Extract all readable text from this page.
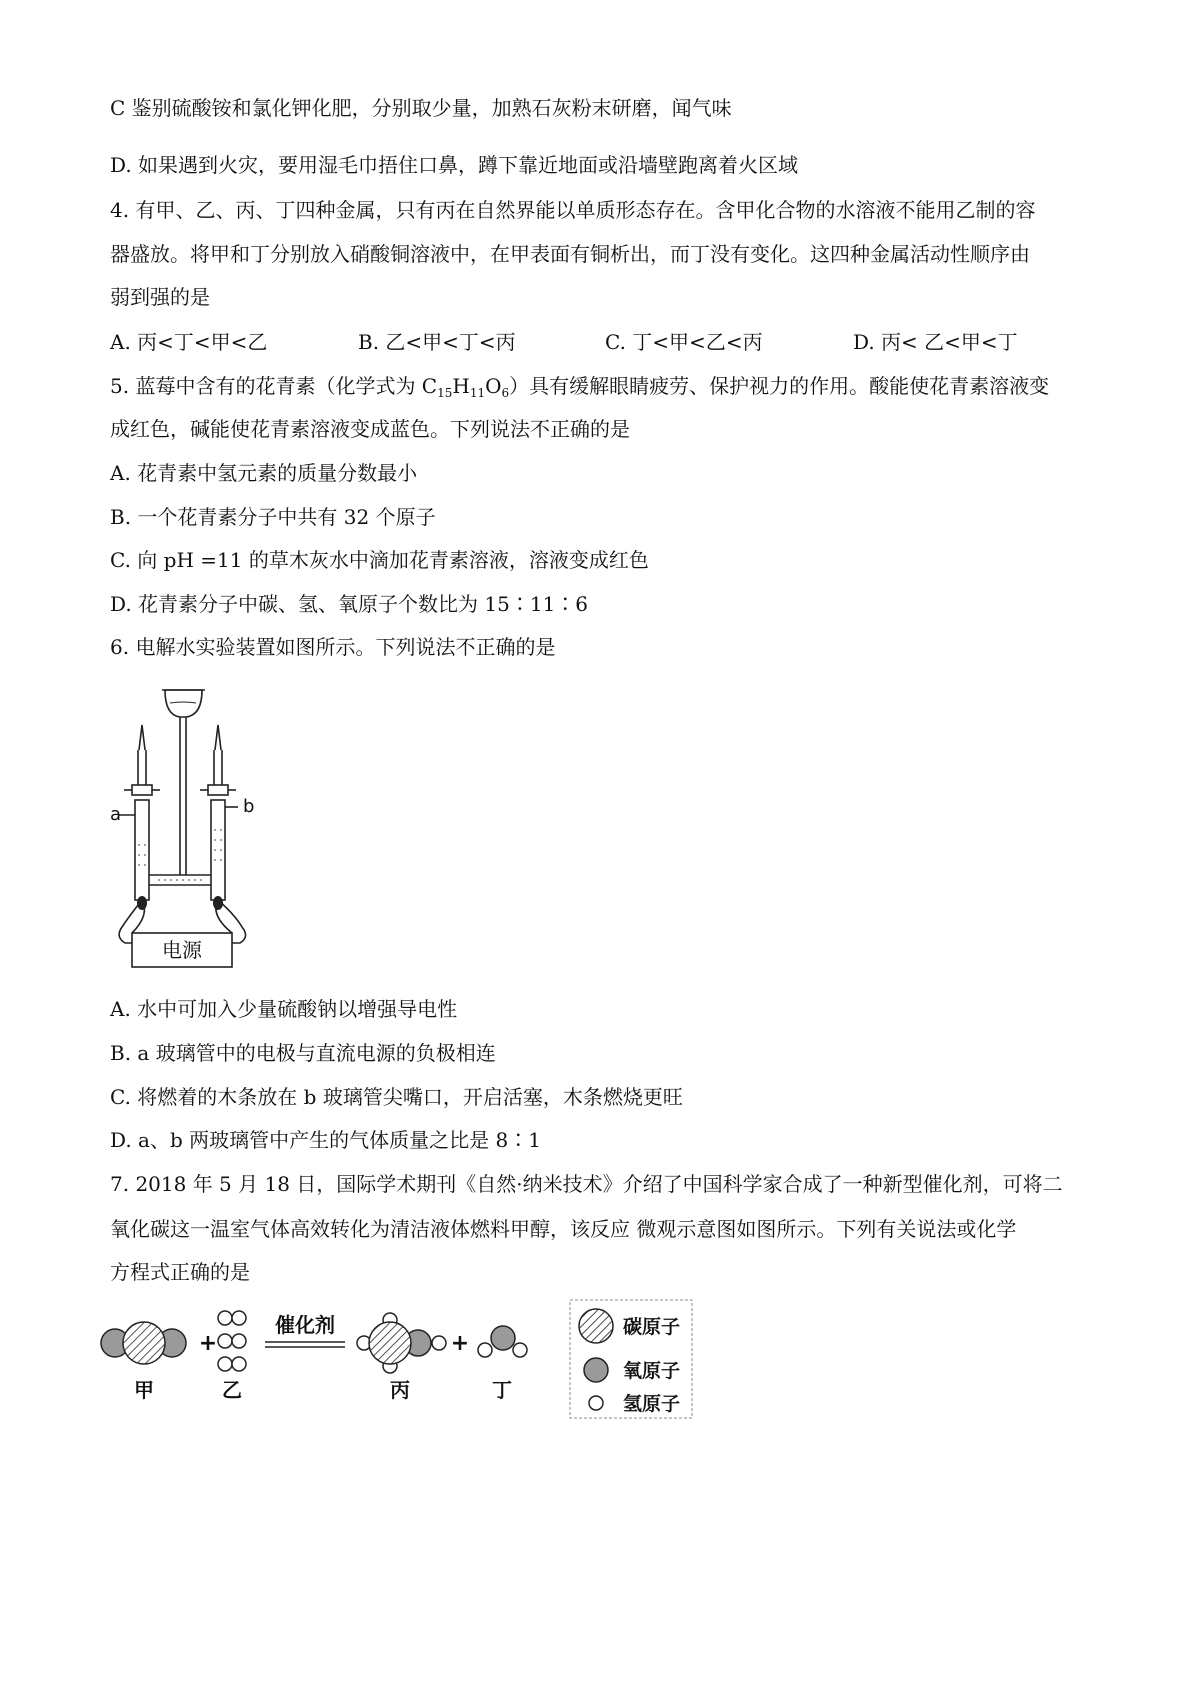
C 鉴别硫酸铵和氯化钾化肥，分别取少量，加熟石灰粉末研磨，闻气味
D. 如果遇到火灾，要用湿毛巾捂住口鼻，蹲下靠近地面或沿墙壁跑离着火区域
4. 有甲、乙、丙、丁四种金属，只有丙在自然界能以单质形态存在。含甲化合物的水溶液不能用乙制的容
器盛放。将甲和丁分别放入硝酸铜溶液中，在甲表面有铜析出，而丁没有变化。这四种金属活动性顺序由
弱到强的是
A. 丙<丁<甲<乙	B. 乙<甲<丁<丙	C. 丁<甲<乙<丙	D. 丙< 乙<甲<丁
5. 蓝莓中含有的花青素（化学式为 $C_{15}H_{11}O_6$）具有缓解眼睛疲劳、保护视力的作用。酸能使花青素溶液变
成红色，碱能使花青素溶液变成蓝色。下列说法不正确的是
A. 花青素中氢元素的质量分数最小
B. 一个花青素分子中共有 32 个原子
C. 向 pH =11 的草木灰水中滴加花青素溶液，溶液变成红色
D. 花青素分子中碳、氢、氧原子个数比为 15∶11∶6
6. 电解水实验装置如图所示。下列说法不正确的是
a	b
电源
A. 水中可加入少量硫酸钠以增强导电性
B. a 玻璃管中的电极与直流电源的负极相连
C. 将燃着的木条放在 b 玻璃管尖嘴口，开启活塞，木条燃烧更旺
D. a、b 两玻璃管中产生的气体质量之比是 8∶1
7. 2018 年 5 月 18 日，国际学术期刊《自然·纳米技术》介绍了中国科学家合成了一种新型催化剂，可将二
氧化碳这一温室气体高效转化为清洁液体燃料甲醇，该反应 微观示意图如图所示。下列有关说法或化学
方程式正确的是
+
催化剂
+
甲	乙	丙	丁
碳原子
氧原子
氢原子
